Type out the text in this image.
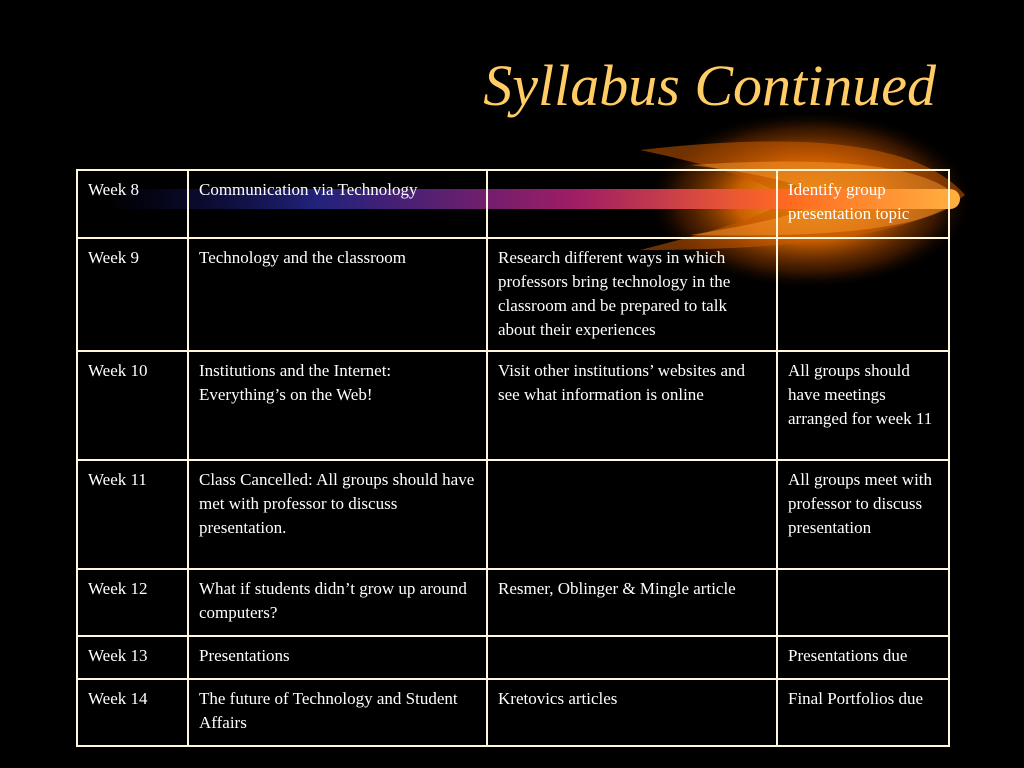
Syllabus Continued
Week 8	Communication via Technology		Identify group presentation topic
Week 9	Technology and the classroom	Research different ways in which professors bring technology in the classroom and be prepared to talk about their experiences	
Week 10	Institutions and the Internet: Everything’s on the Web!	Visit other institutions’ websites and see what information is online	All groups should have meetings arranged for week 11
Week 11	Class Cancelled: All groups should have met with professor to discuss presentation.		All groups meet with professor to discuss presentation
Week 12	What if students didn’t grow up around computers?	Resmer, Oblinger & Mingle article	
Week 13	Presentations		Presentations due
Week 14	The future of Technology and Student Affairs	Kretovics articles	Final Portfolios due
